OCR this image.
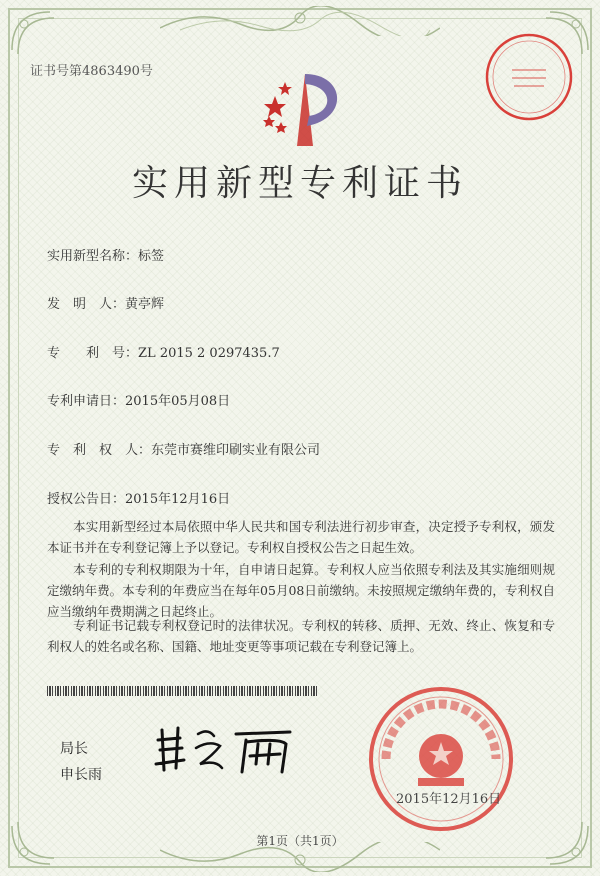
证书号第4863490号
实用新型专利证书
实用新型名称：标签
发　明　人：黄亭辉
专　　利　号：ZL 2015 2 0297435.7
专利申请日：2015年05月08日
专　利　权　人：东莞市赛维印刷实业有限公司
授权公告日：2015年12月16日
本实用新型经过本局依照中华人民共和国专利法进行初步审查，决定授予专利权，颁发本证书并在专利登记簿上予以登记。专利权自授权公告之日起生效。
本专利的专利权期限为十年，自申请日起算。专利权人应当依照专利法及其实施细则规定缴纳年费。本专利的年费应当在每年05月08日前缴纳。未按照规定缴纳年费的，专利权自应当缴纳年费期满之日起终止。
专利证书记载专利权登记时的法律状况。专利权的转移、质押、无效、终止、恢复和专利权人的姓名或名称、国籍、地址变更等事项记载在专利登记簿上。
局长
申长雨
2015年12月16日
第1页（共1页）
